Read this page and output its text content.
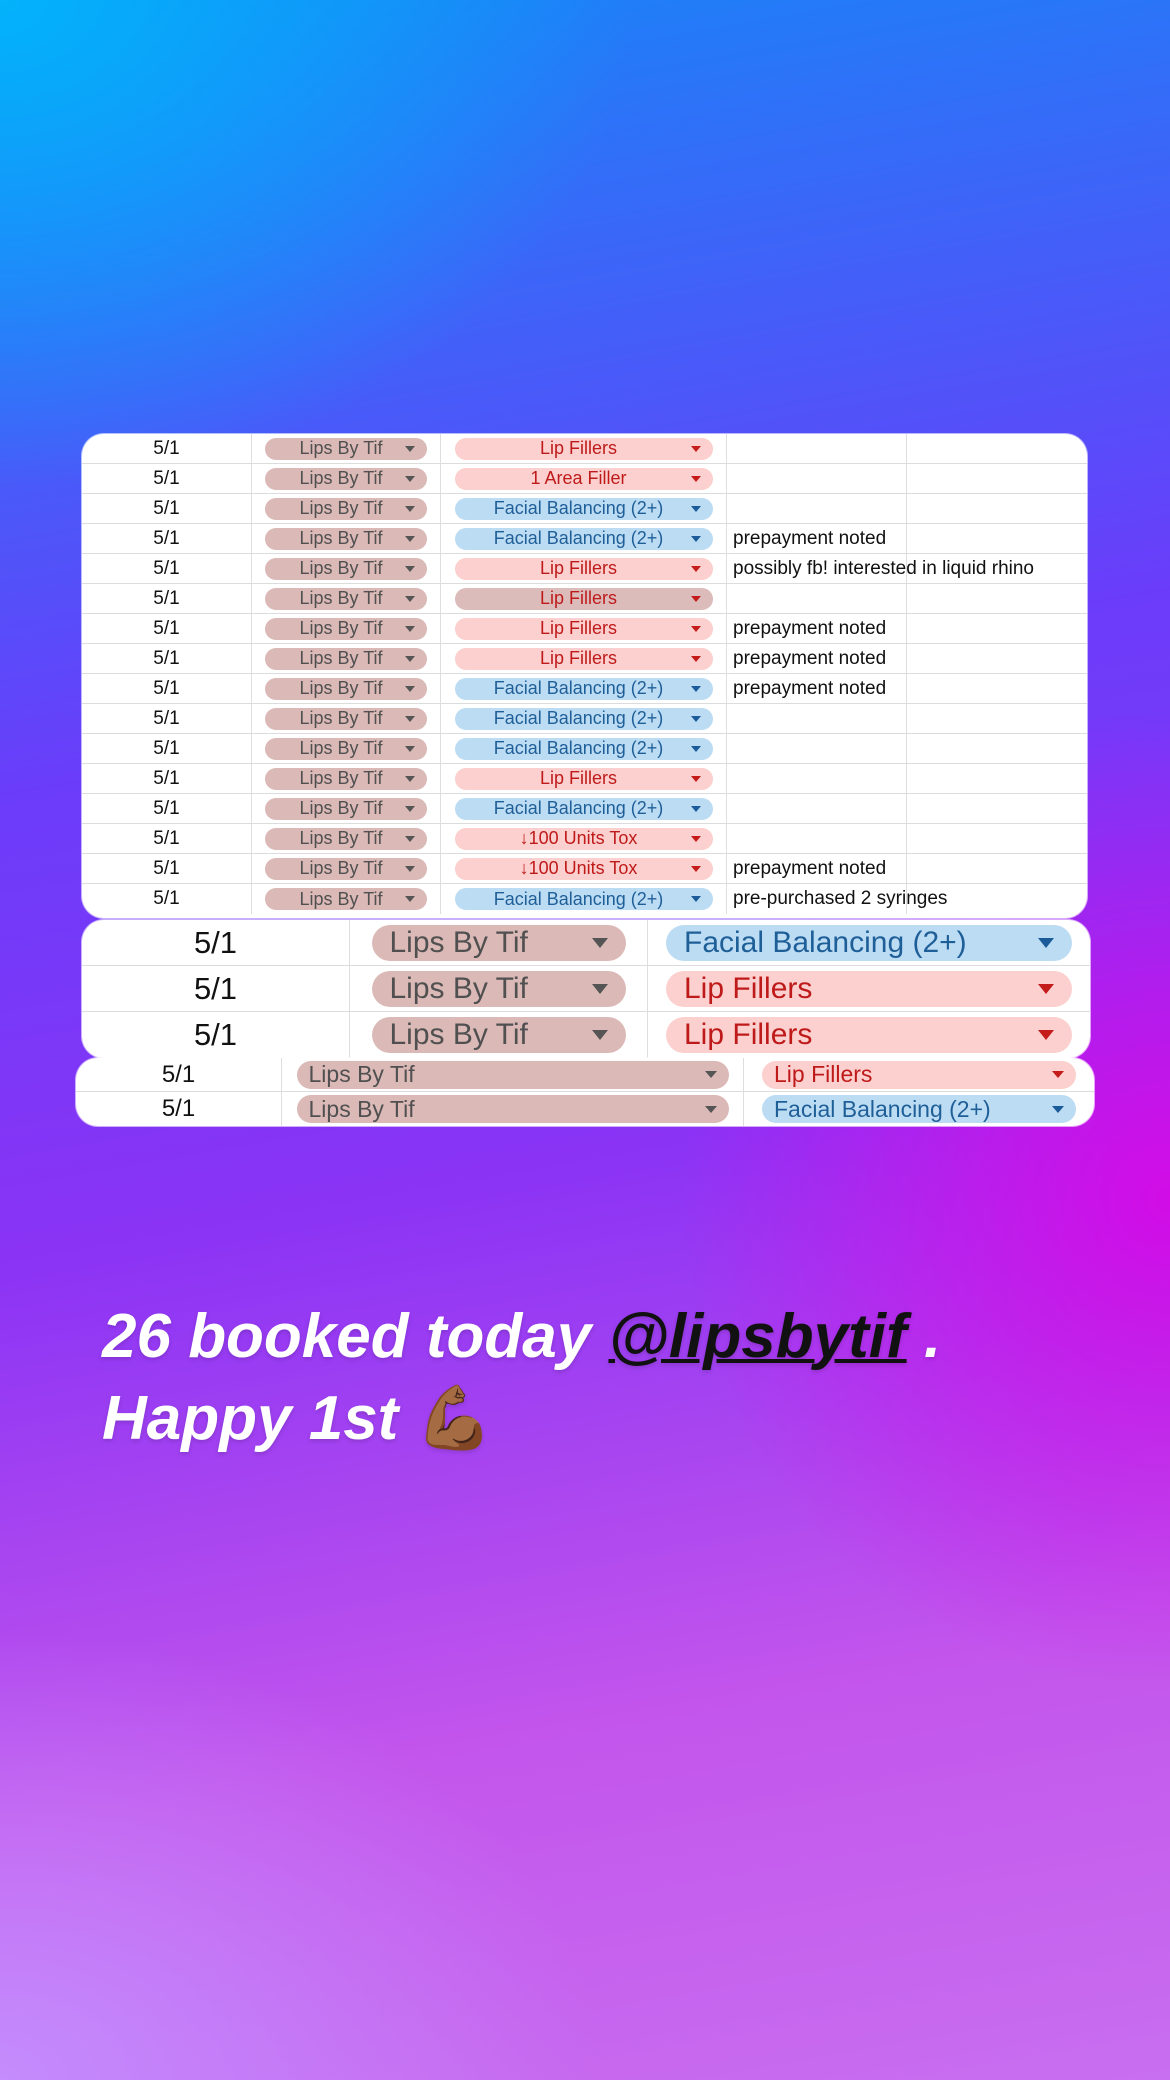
5/1	Lips By Tif	Lip Fillers
5/1	Lips By Tif	1 Area Filler
5/1	Lips By Tif	Facial Balancing (2+)
5/1	Lips By Tif	Facial Balancing (2+)	prepayment noted
5/1	Lips By Tif	Lip Fillers	possibly fb! interested in liquid rhino
5/1	Lips By Tif	Lip Fillers
5/1	Lips By Tif	Lip Fillers	prepayment noted
5/1	Lips By Tif	Lip Fillers	prepayment noted
5/1	Lips By Tif	Facial Balancing (2+)	prepayment noted
5/1	Lips By Tif	Facial Balancing (2+)
5/1	Lips By Tif	Facial Balancing (2+)
5/1	Lips By Tif	Lip Fillers
5/1	Lips By Tif	Facial Balancing (2+)
5/1	Lips By Tif	↓100 Units Tox
5/1	Lips By Tif	↓100 Units Tox	prepayment noted
5/1	Lips By Tif	Facial Balancing (2+)	pre-purchased 2 syringes
5/1	Lips By Tif	Facial Balancing (2+)
5/1	Lips By Tif	Lip Fillers
5/1	Lips By Tif	Lip Fillers
5/1	Lips By Tif	Lip Fillers
5/1	Lips By Tif	Facial Balancing (2+)
26 booked today @lipsbytif .
Happy 1st 💪🏾
